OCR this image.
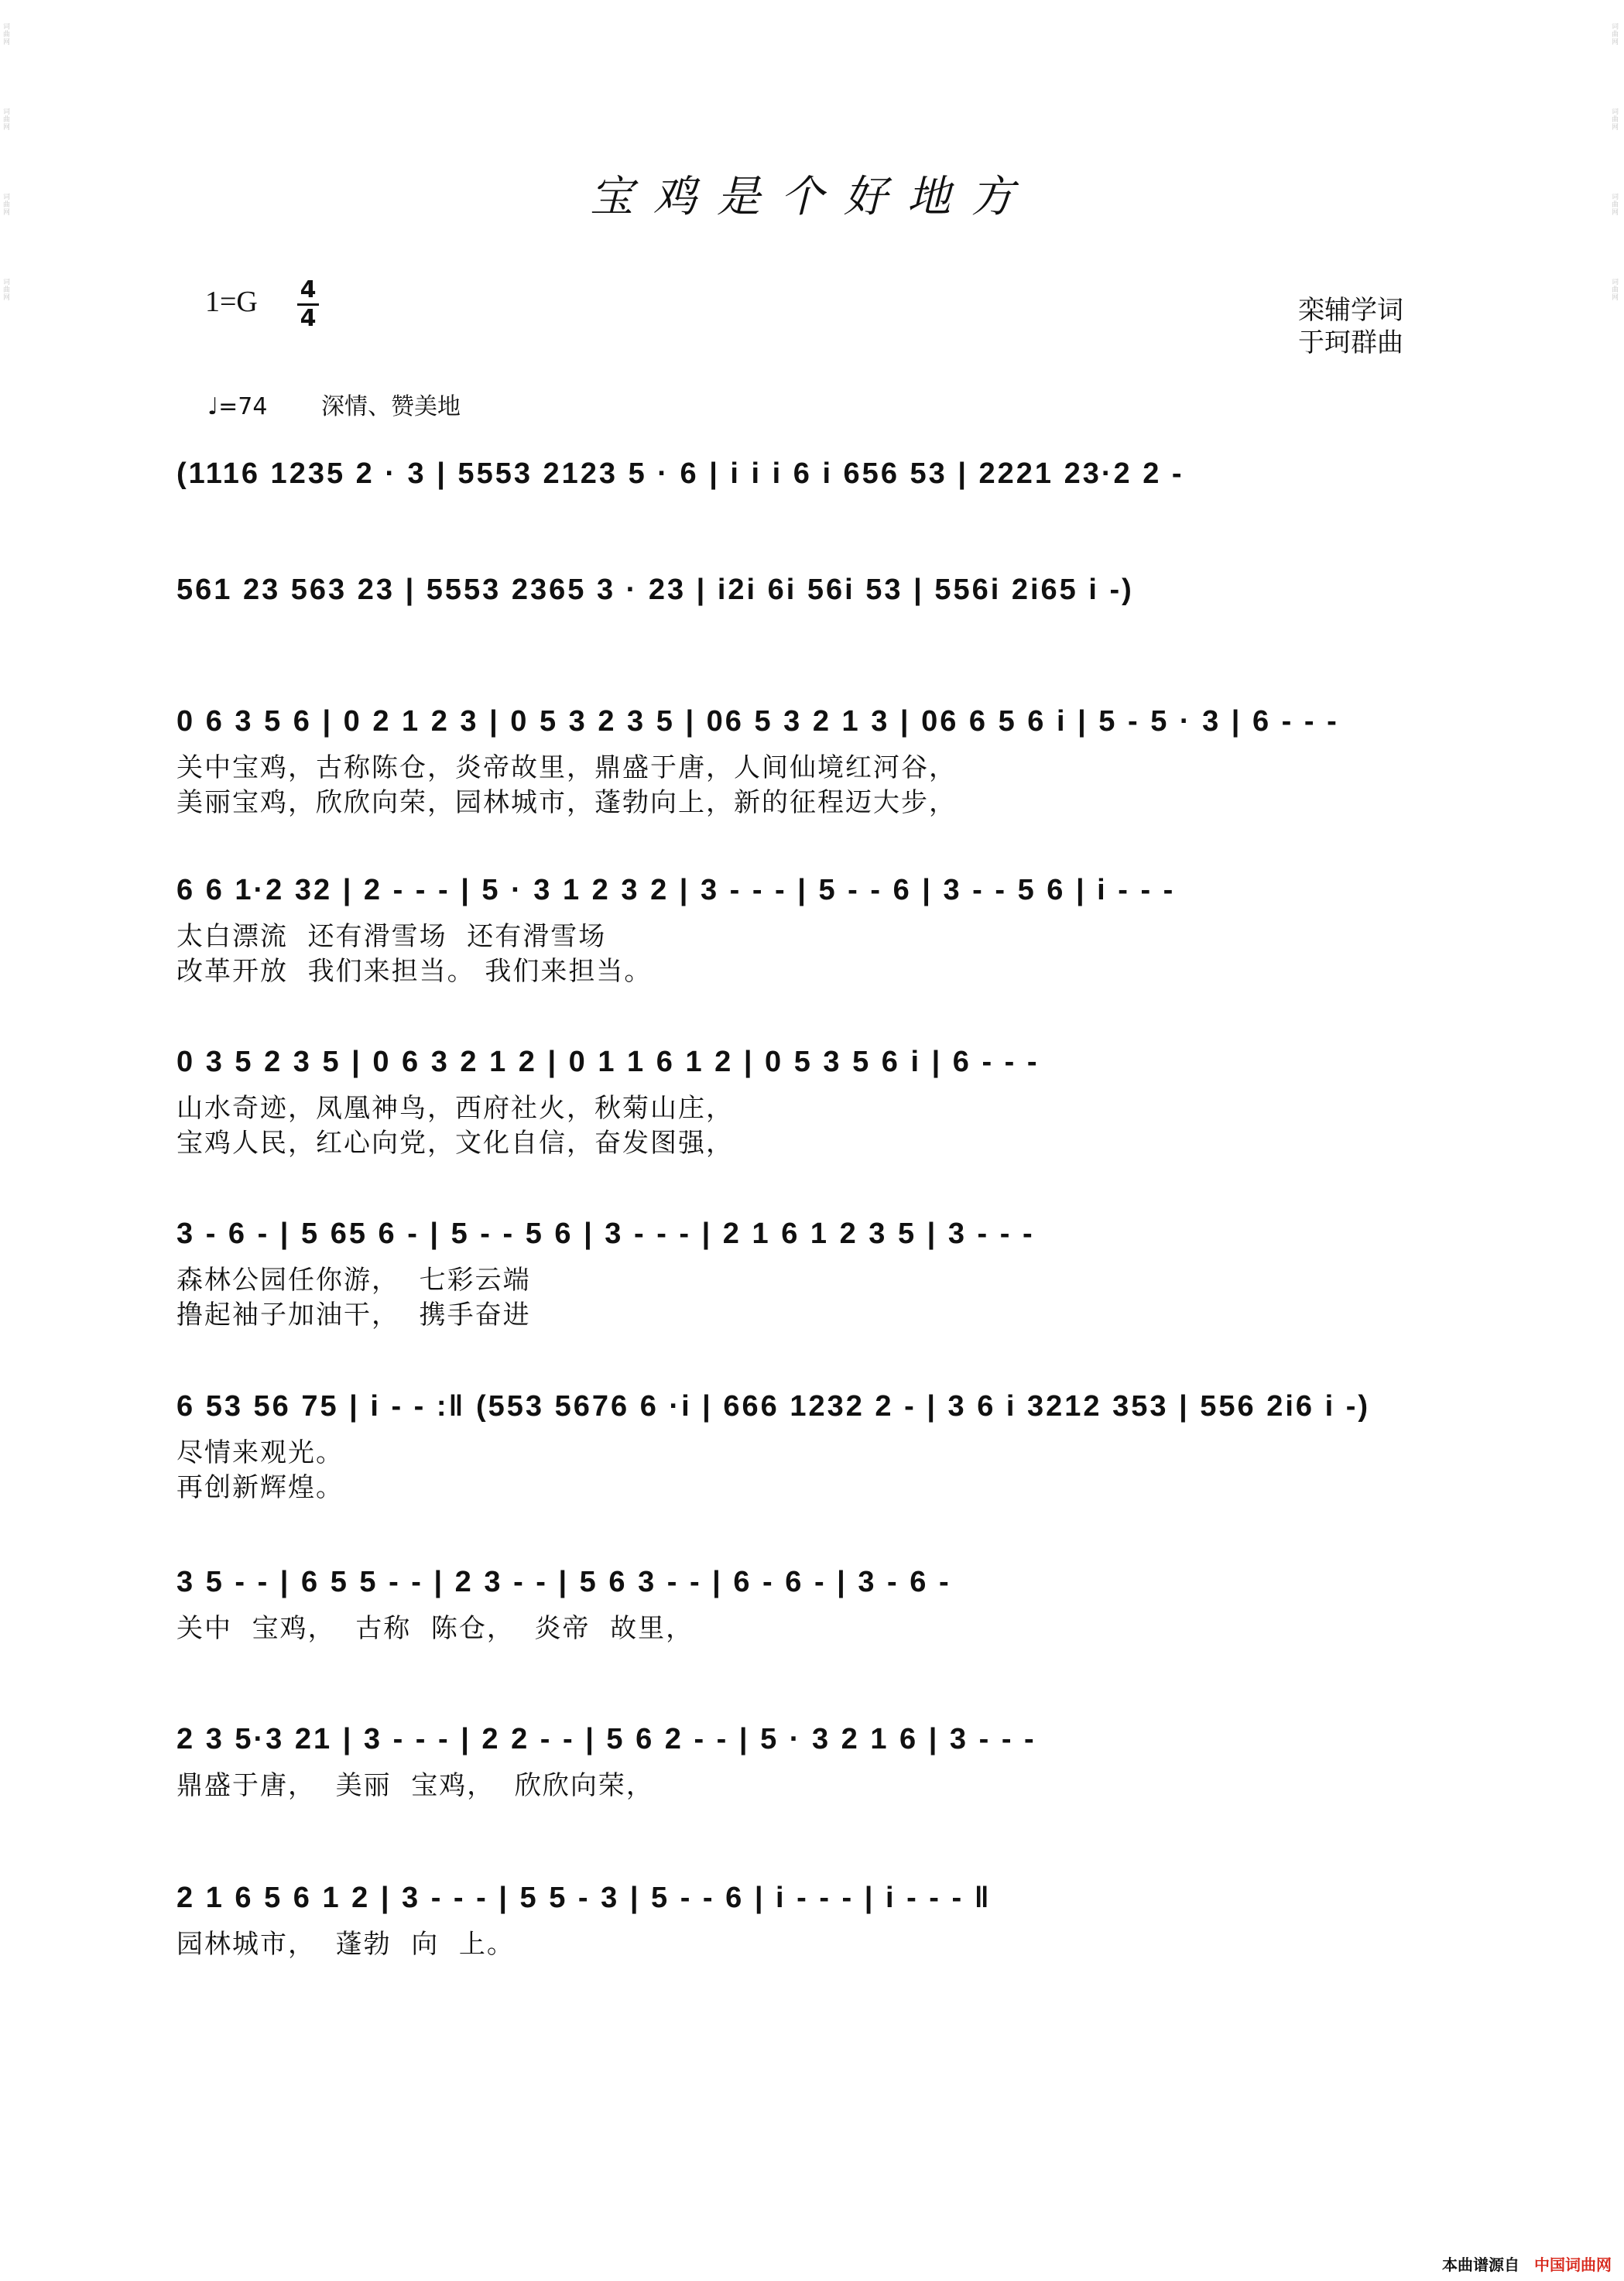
词曲网
词曲网
词曲网
词曲网
词曲网
词曲网
词曲网
词曲网
宝鸡是个好地方
1=G 4
4	栾辅学词
于珂群曲
♩=74 深情、赞美地
(1116 1235 2 · 3 | 5553 2123 5 · 6 | i i i 6 i 656 53 | 2221 23·2 2 -
561 23 563 23 | 5553 2365 3 · 23 | i2i 6i 56i 53 | 556i 2i65 i -)
0 6 3 5 6 | 0 2 1 2 3 | 0 5 3 2 3 5 | 06 5 3 2 1 3 | 06 6 5 6 i | 5 - 5 · 3 | 6 - - -
关中宝鸡，古称陈仓，炎帝故里，鼎盛于唐，人间仙境红河谷，
美丽宝鸡，欣欣向荣，园林城市，蓬勃向上，新的征程迈大步，
6 6 1·2 32 | 2 - - - | 5 · 3 1 2 3 2 | 3 - - - | 5 - - 6 | 3 - - 5 6 | i - - -
太白漂流  还有滑雪场  还有滑雪场
改革开放  我们来担当。 我们来担当。
0 3 5 2 3 5 | 0 6 3 2 1 2 | 0 1 1 6 1 2 | 0 5 3 5 6 i | 6 - - -
山水奇迹，凤凰神鸟，西府社火，秋菊山庄，
宝鸡人民，红心向党，文化自信，奋发图强，
3 - 6 - | 5 65 6 - | 5 - - 5 6 | 3 - - - | 2 1 6 1 2 3 5 | 3 - - -
森林公园任你游，  七彩云端
撸起袖子加油干，  携手奋进
6 53 56 75 | i - - :‖ (553 5676 6 ·i | 666 1232 2 - | 3 6 i 3212 353 | 556 2i6 i -)
尽情来观光。
再创新辉煌。
3 5 - - | 6 5 5 - - | 2 3 - - | 5 6 3 - - | 6 - 6 - | 3 - 6 -
关中  宝鸡，  古称  陈仓，  炎帝  故里，
2 3 5·3 21 | 3 - - - | 2 2 - - | 5 6 2 - - | 5 · 3 2 1 6 | 3 - - -
鼎盛于唐，  美丽  宝鸡，  欣欣向荣，
2 1 6 5 6 1 2 | 3 - - - | 5 5 - 3 | 5 - - 6 | i - - - | i - - - ‖
园林城市，  蓬勃  向  上。
本曲谱源自 中国词曲网
